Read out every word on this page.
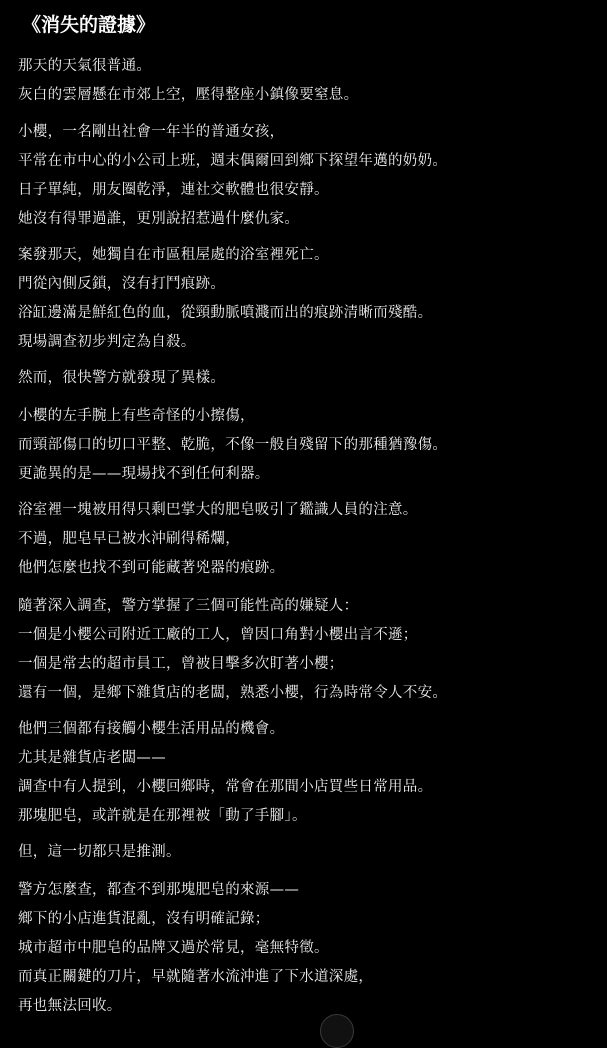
《消失的證據》
那天的天氣很普通。
灰白的雲層懸在市郊上空，壓得整座小鎮像要窒息。
小櫻，一名剛出社會一年半的普通女孩，
平常在市中心的小公司上班，週末偶爾回到鄉下探望年邁的奶奶。
日子單純，朋友圈乾淨，連社交軟體也很安靜。
她沒有得罪過誰，更別說招惹過什麼仇家。
案發那天，她獨自在市區租屋處的浴室裡死亡。
門從內側反鎖，沒有打鬥痕跡。
浴缸邊滿是鮮紅色的血，從頸動脈噴濺而出的痕跡清晰而殘酷。
現場調查初步判定為自殺。
然而，很快警方就發現了異樣。
小櫻的左手腕上有些奇怪的小擦傷，
而頸部傷口的切口平整、乾脆，不像一般自殘留下的那種猶豫傷。
更詭異的是——現場找不到任何利器。
浴室裡一塊被用得只剩巴掌大的肥皂吸引了鑑識人員的注意。
不過，肥皂早已被水沖刷得稀爛，
他們怎麼也找不到可能藏著兇器的痕跡。
隨著深入調查，警方掌握了三個可能性高的嫌疑人：
一個是小櫻公司附近工廠的工人，曾因口角對小櫻出言不遜；
一個是常去的超市員工，曾被目擊多次盯著小櫻；
還有一個，是鄉下雜貨店的老闆，熟悉小櫻，行為時常令人不安。
他們三個都有接觸小櫻生活用品的機會。
尤其是雜貨店老闆——
調查中有人提到，小櫻回鄉時，常會在那間小店買些日常用品。
那塊肥皂，或許就是在那裡被「動了手腳」。
但，這一切都只是推測。
警方怎麼查，都查不到那塊肥皂的來源——
鄉下的小店進貨混亂，沒有明確記錄；
城市超市中肥皂的品牌又過於常見，毫無特徵。
而真正關鍵的刀片，早就隨著水流沖進了下水道深處，
再也無法回收。
